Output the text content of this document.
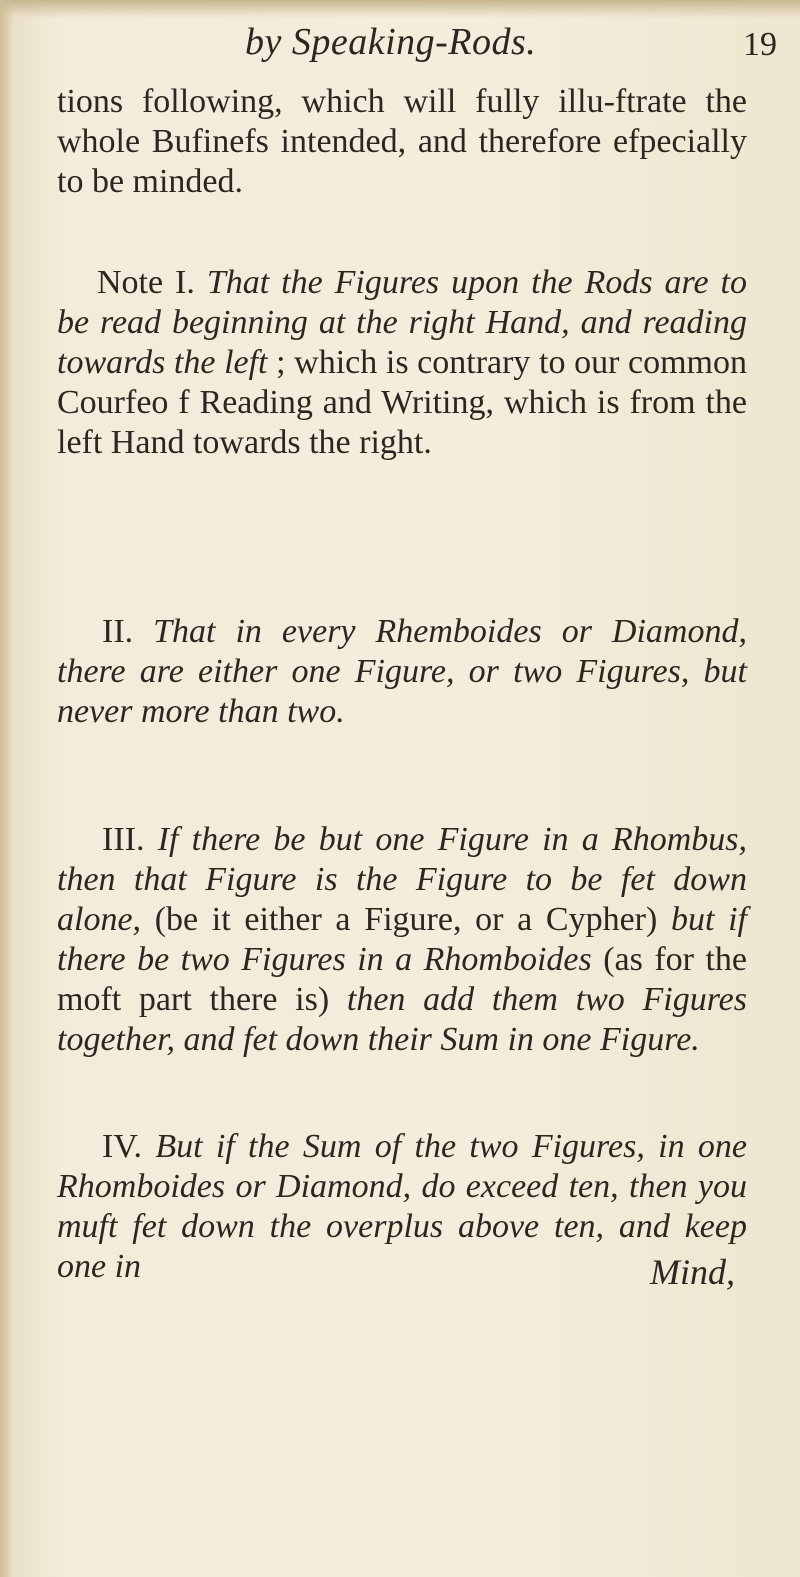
by Speaking-Rods.	19
tions following, which will fully illu-ftrate the whole Bufinefs intended, and therefore efpecially to be minded.
Note I. That the Figures upon the Rods are to be read beginning at the right Hand, and reading towards the left ; which is contrary to our common Courfeo f Reading and Writing, which is from the left Hand towards the right.
II. That in every Rhemboides or Diamond, there are either one Figure, or two Figures, but never more than two.
III. If there be but one Figure in a Rhombus, then that Figure is the Figure to be fet down alone, (be it either a Figure, or a Cypher) but if there be two Figures in a Rhomboides (as for the moft part there is) then add them two Figures together, and fet down their Sum in one Figure.
IV. But if the Sum of the two Figures, in one Rhomboides or Diamond, do exceed ten, then you muft fet down the overplus above ten, and keep one in	Mind,
